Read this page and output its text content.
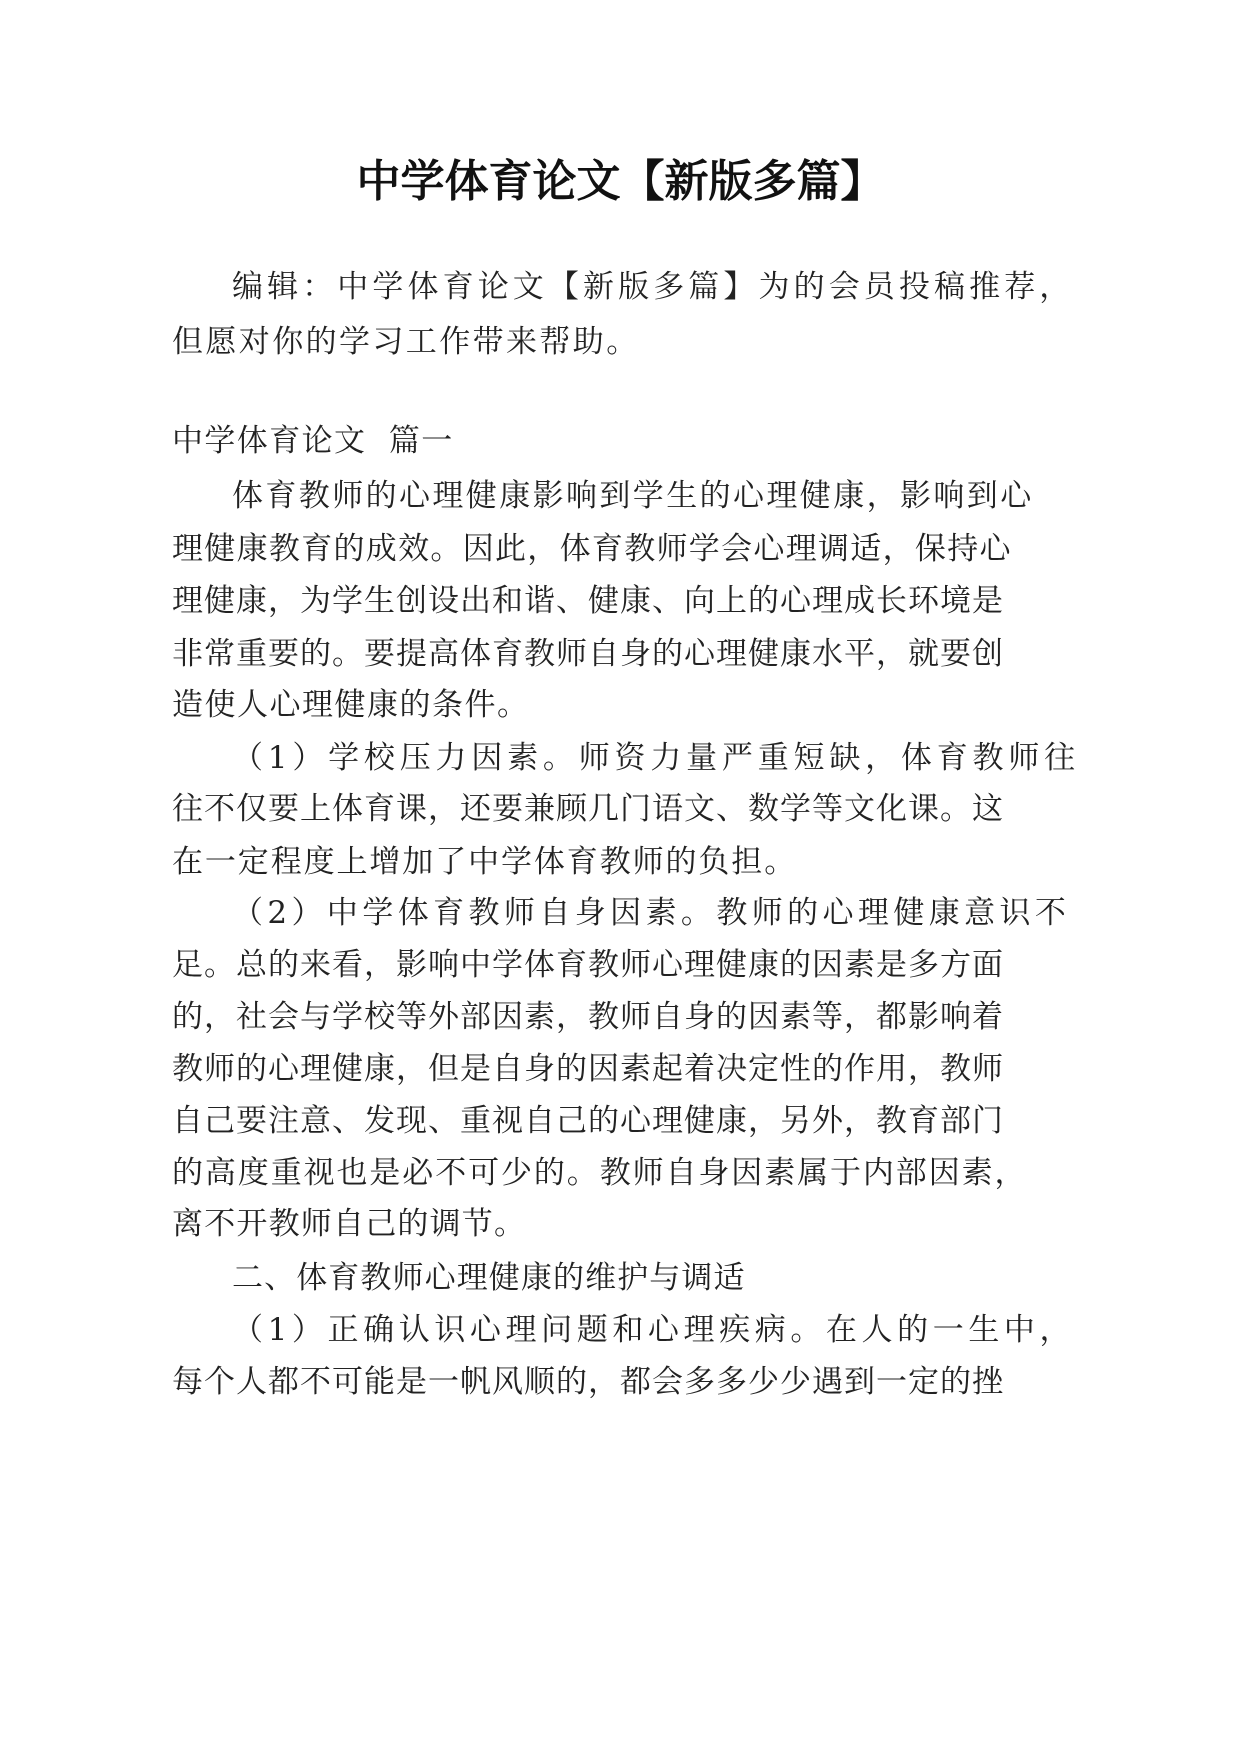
中学体育论文【新版多篇】
编辑：中学体育论文【新版多篇】为的会员投稿推荐，
但愿对你的学习工作带来帮助。
中学体育论文  篇一
体育教师的心理健康影响到学生的心理健康，影响到心
理健康教育的成效。因此，体育教师学会心理调适，保持心
理健康，为学生创设出和谐、健康、向上的心理成长环境是
非常重要的。要提高体育教师自身的心理健康水平，就要创
造使人心理健康的条件。
（1）学校压力因素。师资力量严重短缺，体育教师往
往不仅要上体育课，还要兼顾几门语文、数学等文化课。这
在一定程度上增加了中学体育教师的负担。
（2）中学体育教师自身因素。教师的心理健康意识不
足。总的来看，影响中学体育教师心理健康的因素是多方面
的，社会与学校等外部因素，教师自身的因素等，都影响着
教师的心理健康，但是自身的因素起着决定性的作用，教师
自己要注意、发现、重视自己的心理健康，另外，教育部门
的高度重视也是必不可少的。教师自身因素属于内部因素，
离不开教师自己的调节。
二、体育教师心理健康的维护与调适
（1）正确认识心理问题和心理疾病。在人的一生中，
每个人都不可能是一帆风顺的，都会多多少少遇到一定的挫
